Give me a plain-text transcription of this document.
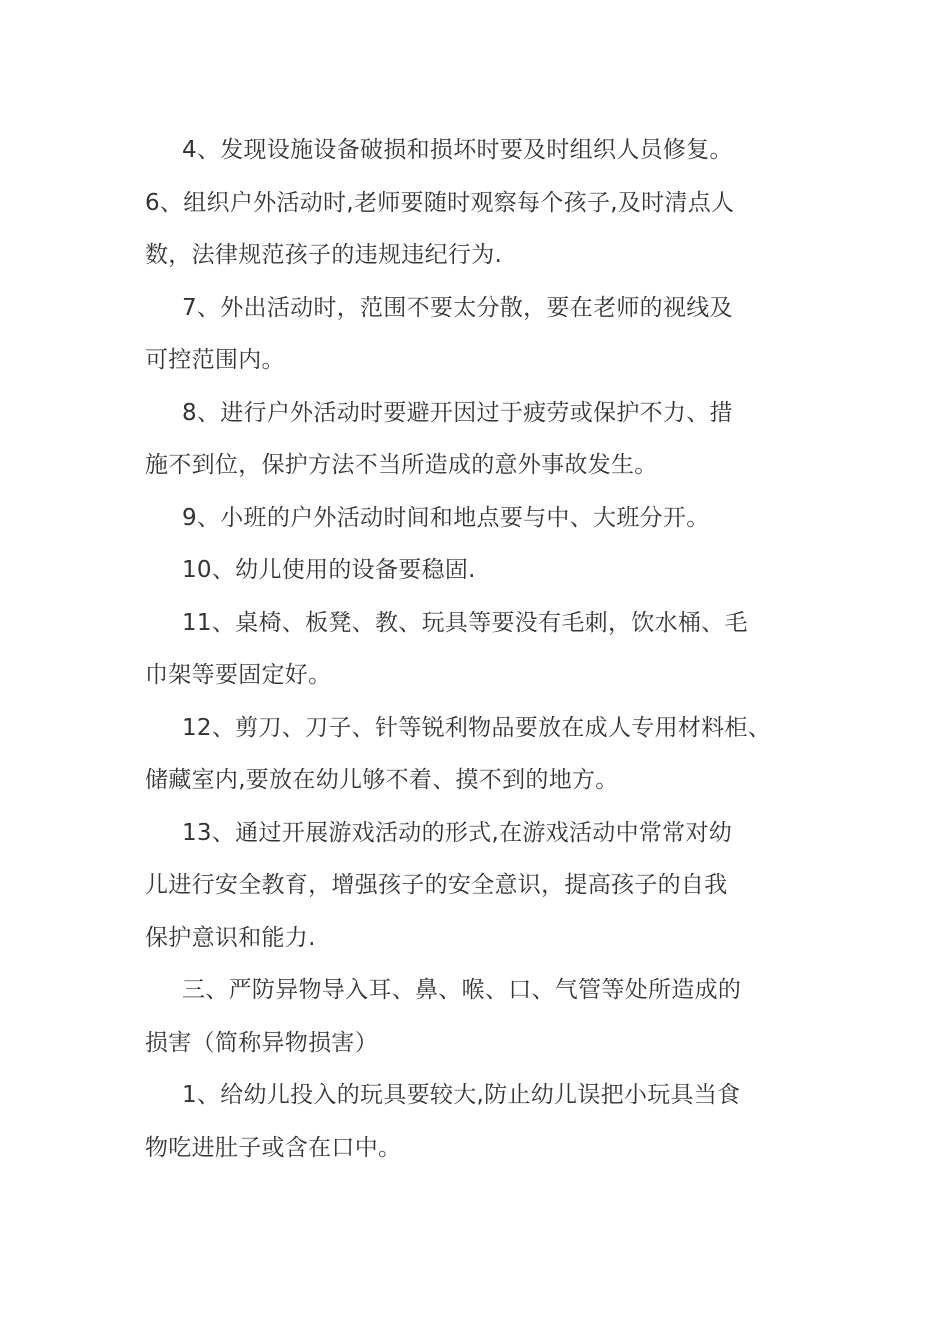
4、发现设施设备破损和损坏时要及时组织人员修复。

6、组织户外活动时,老师要随时观察每个孩子,及时清点人
数，法律规范孩子的违规违纪行为.

7、外出活动时，范围不要太分散，要在老师的视线及

可控范围内。

8、进行户外活动时要避开因过于疲劳或保护不力、措

施不到位，保护方法不当所造成的意外事故发生。

9、小班的户外活动时间和地点要与中、大班分开。

10、幼儿使用的设备要稳固.

11、桌椅、板凳、教、玩具等要没有毛刺，饮水桶、毛

巾架等要固定好。

12、剪刀、刀子、针等锐利物品要放在成人专用材料柜、

储藏室内,要放在幼儿够不着、摸不到的地方。

13、通过开展游戏活动的形式,在游戏活动中常常对幼

儿进行安全教育，增强孩子的安全意识，提高孩子的自我
保护意识和能力.

三、严防异物导入耳、鼻、喉、口、气管等处所造成的

损害（简称异物损害）

1、给幼儿投入的玩具要较大,防止幼儿误把小玩具当食

物吃进肚子或含在口中。
